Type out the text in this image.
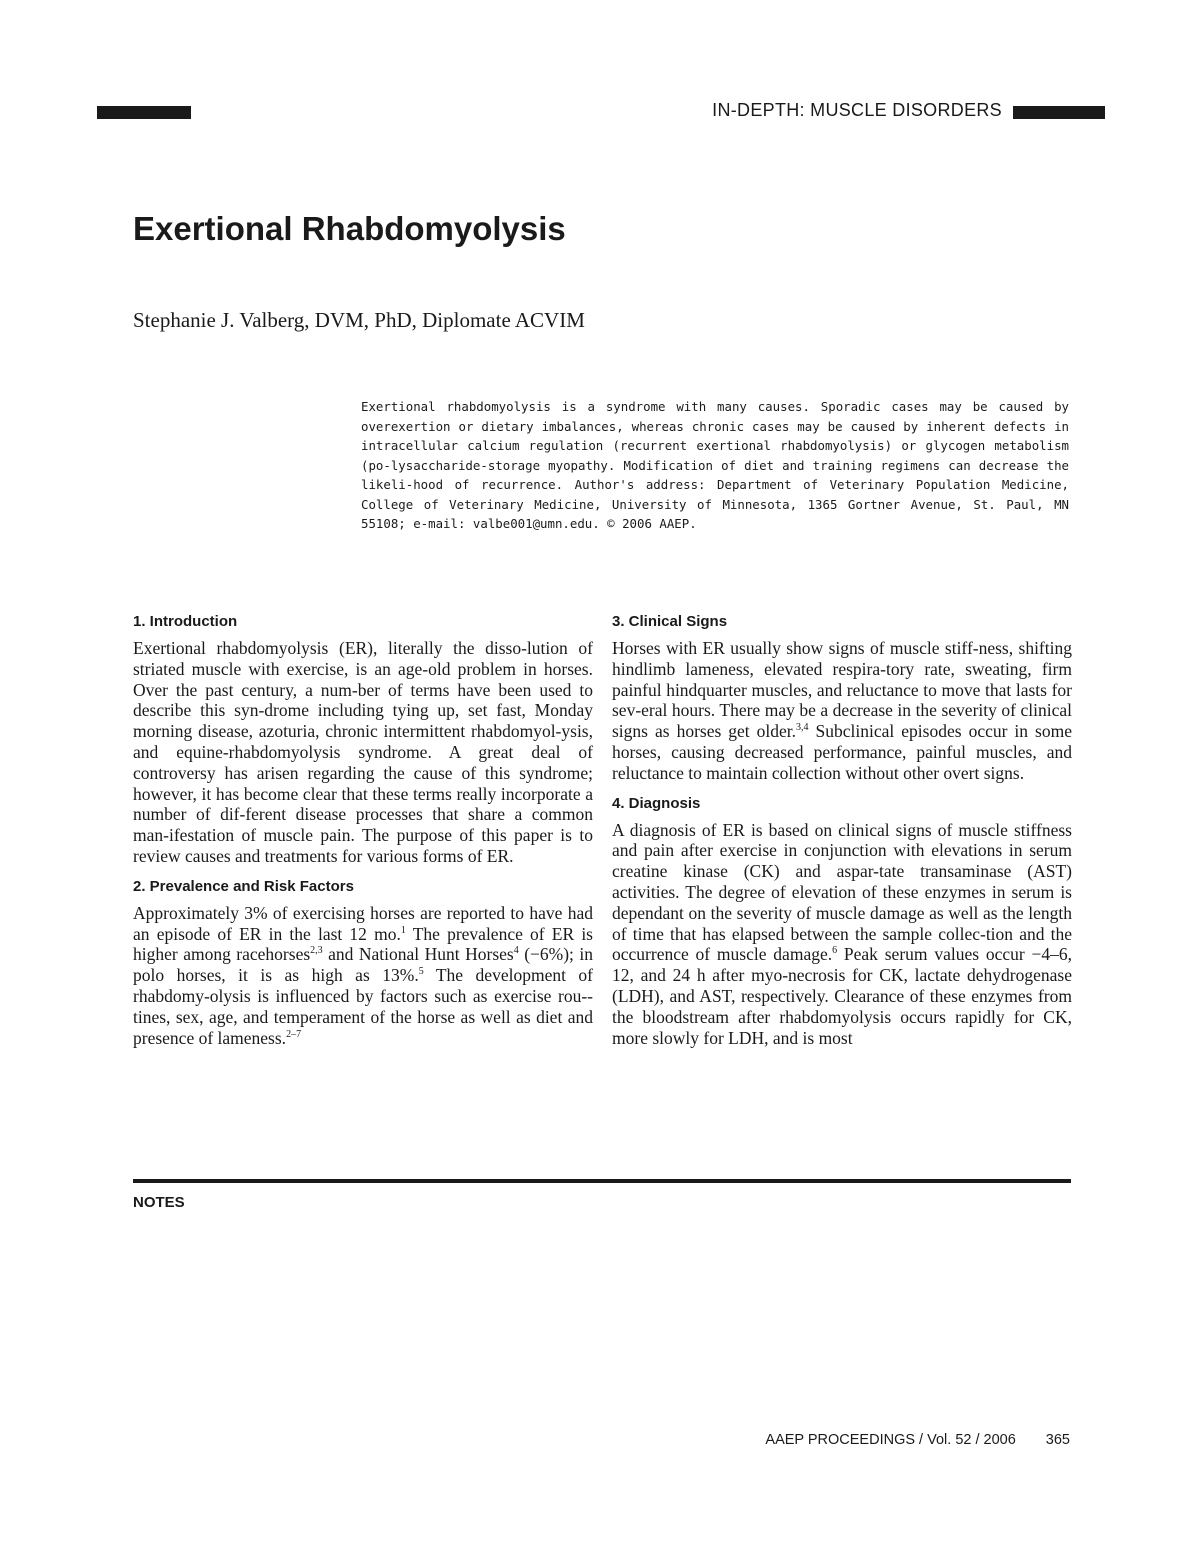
IN-DEPTH: MUSCLE DISORDERS
Exertional Rhabdomyolysis
Stephanie J. Valberg, DVM, PhD, Diplomate ACVIM
Exertional rhabdomyolysis is a syndrome with many causes. Sporadic cases may be caused by overexertion or dietary imbalances, whereas chronic cases may be caused by inherent defects in intracellular calcium regulation (recurrent exertional rhabdomyolysis) or glycogen metabolism (po-lysaccharide-storage myopathy. Modification of diet and training regimens can decrease the likeli-hood of recurrence. Author's address: Department of Veterinary Population Medicine, College of Veterinary Medicine, University of Minnesota, 1365 Gortner Avenue, St. Paul, MN 55108; e-mail: valbe001@umn.edu. © 2006 AAEP.
1. Introduction

Exertional rhabdomyolysis (ER), literally the disso-lution of striated muscle with exercise, is an age-old problem in horses. Over the past century, a num-ber of terms have been used to describe this syn-drome including tying up, set fast, Monday morning disease, azoturia, chronic intermittent rhabdomyol-ysis, and equine-rhabdomyolysis syndrome. A great deal of controversy has arisen regarding the cause of this syndrome; however, it has become clear that these terms really incorporate a number of dif-ferent disease processes that share a common man-ifestation of muscle pain. The purpose of this paper is to review causes and treatments for various forms of ER.

2. Prevalence and Risk Factors

Approximately 3% of exercising horses are reported to have had an episode of ER in the last 12 mo.$^1$ The prevalence of ER is higher among racehorses$^{2,3}$ and National Hunt Horses$^4$ (−6%); in polo horses, it is as high as 13%.$^5$ The development of rhabdomy-olysis is influenced by factors such as exercise rou-tines, sex, age, and temperament of the horse as well as diet and presence of lameness.$^{2-7}$

3. Clinical Signs

Horses with ER usually show signs of muscle stiff-ness, shifting hindlimb lameness, elevated respira-tory rate, sweating, firm painful hindquarter muscles, and reluctance to move that lasts for sev-eral hours. There may be a decrease in the severity of clinical signs as horses get older.$^{3,4}$ Subclinical episodes occur in some horses, causing decreased performance, painful muscles, and reluctance to maintain collection without other overt signs.

4. Diagnosis

A diagnosis of ER is based on clinical signs of muscle stiffness and pain after exercise in conjunction with elevations in serum creatine kinase (CK) and aspar-tate transaminase (AST) activities. The degree of elevation of these enzymes in serum is dependant on the severity of muscle damage as well as the length of time that has elapsed between the sample collec-tion and the occurrence of muscle damage.$^6$ Peak serum values occur −4–6, 12, and 24 h after myo-necrosis for CK, lactate dehydrogenase (LDH), and AST, respectively. Clearance of these enzymes from the bloodstream after rhabdomyolysis occurs rapidly for CK, more slowly for LDH, and is most

NOTES
AAEP PROCEEDINGS / Vol. 52 / 2006 365
